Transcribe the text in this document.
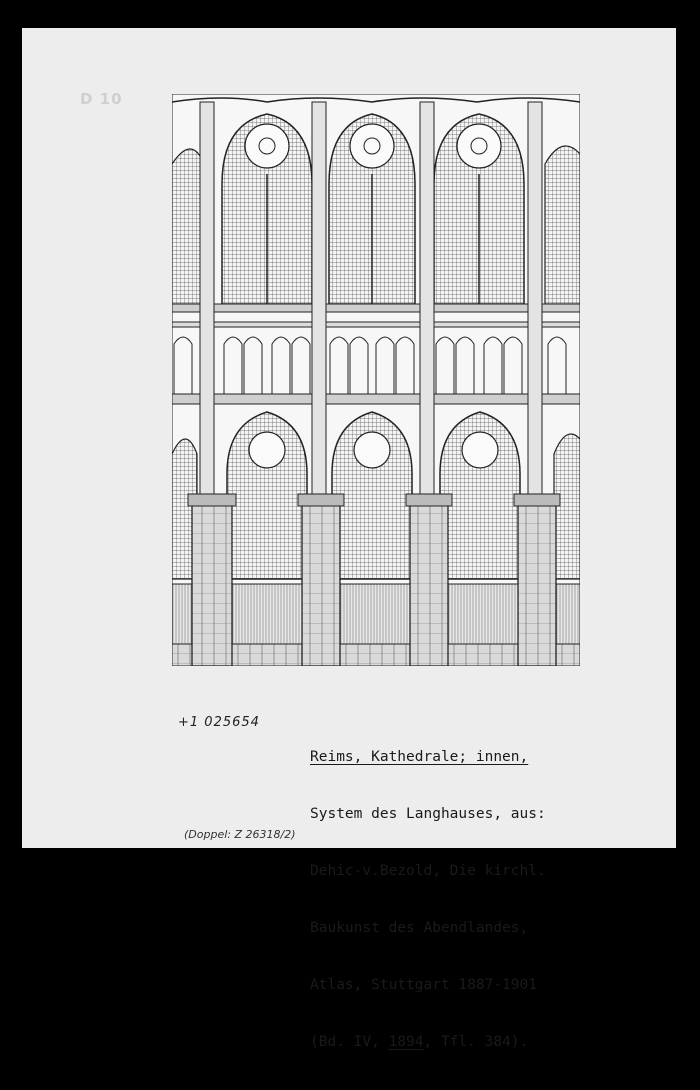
D 10
+1 025654
(Doppel: Z 26318/2)

Reims, Kathedrale; innen,

System des Langhauses, aus:

Dehic-v.Bezold, Die kirchl.

Baukunst des Abendlandes,

Atlas, Stuttgart 1887-1901

(Bd. IV, 1894, Tfl. 384).
